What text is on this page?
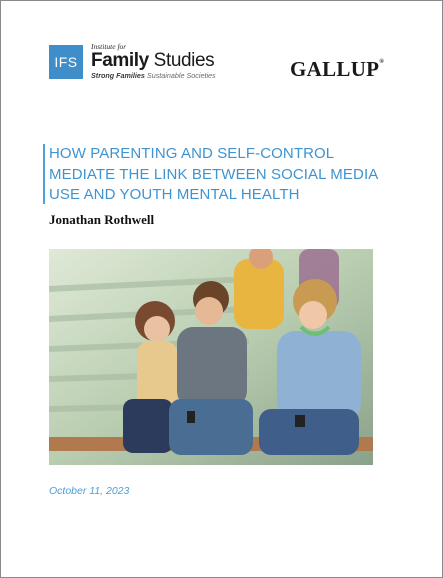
IFS
Institute for
Family Studies
Strong Families Sustainable Societies	GALLUP®
HOW PARENTING AND SELF-CONTROL MEDIATE THE LINK BETWEEN SOCIAL MEDIA USE AND YOUTH MENTAL HEALTH
Jonathan Rothwell
October 11, 2023
